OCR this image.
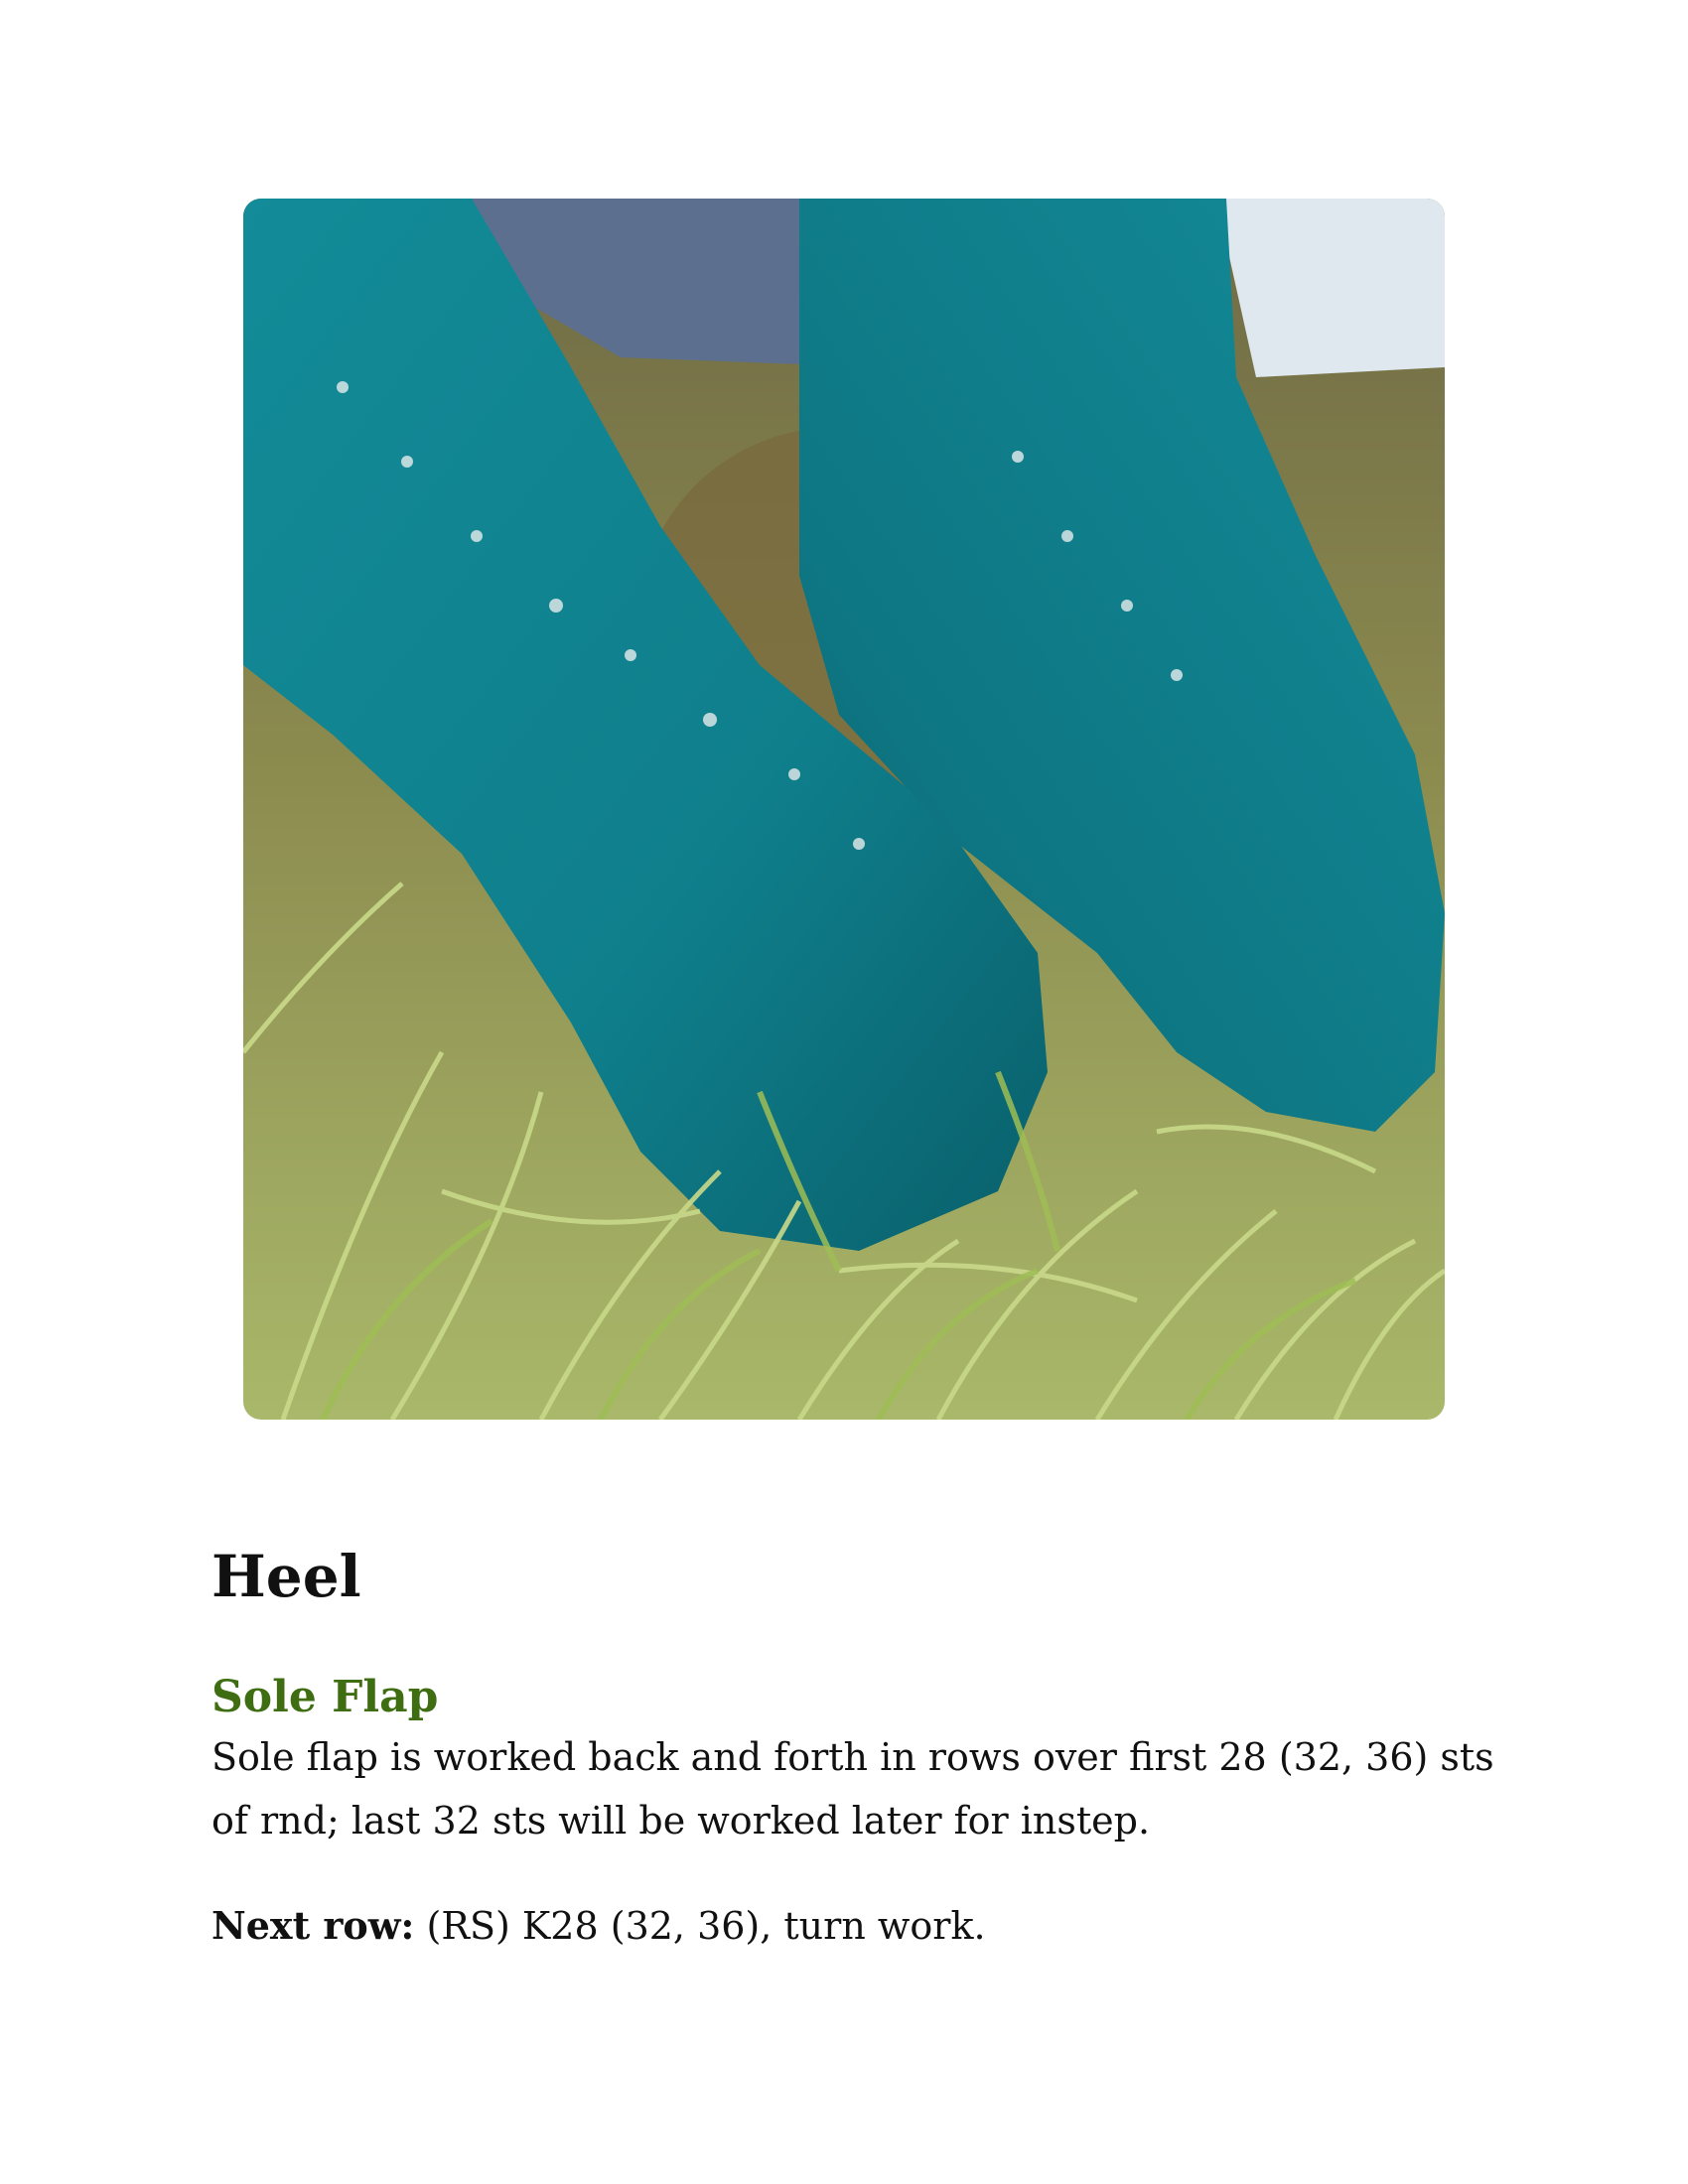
Heel
Sole Flap

Sole flap is worked back and forth in rows over first 28 (32, 36) sts of rnd; last 32 sts will be worked later for instep.

Next row: (RS) K28 (32, 36), turn work.
